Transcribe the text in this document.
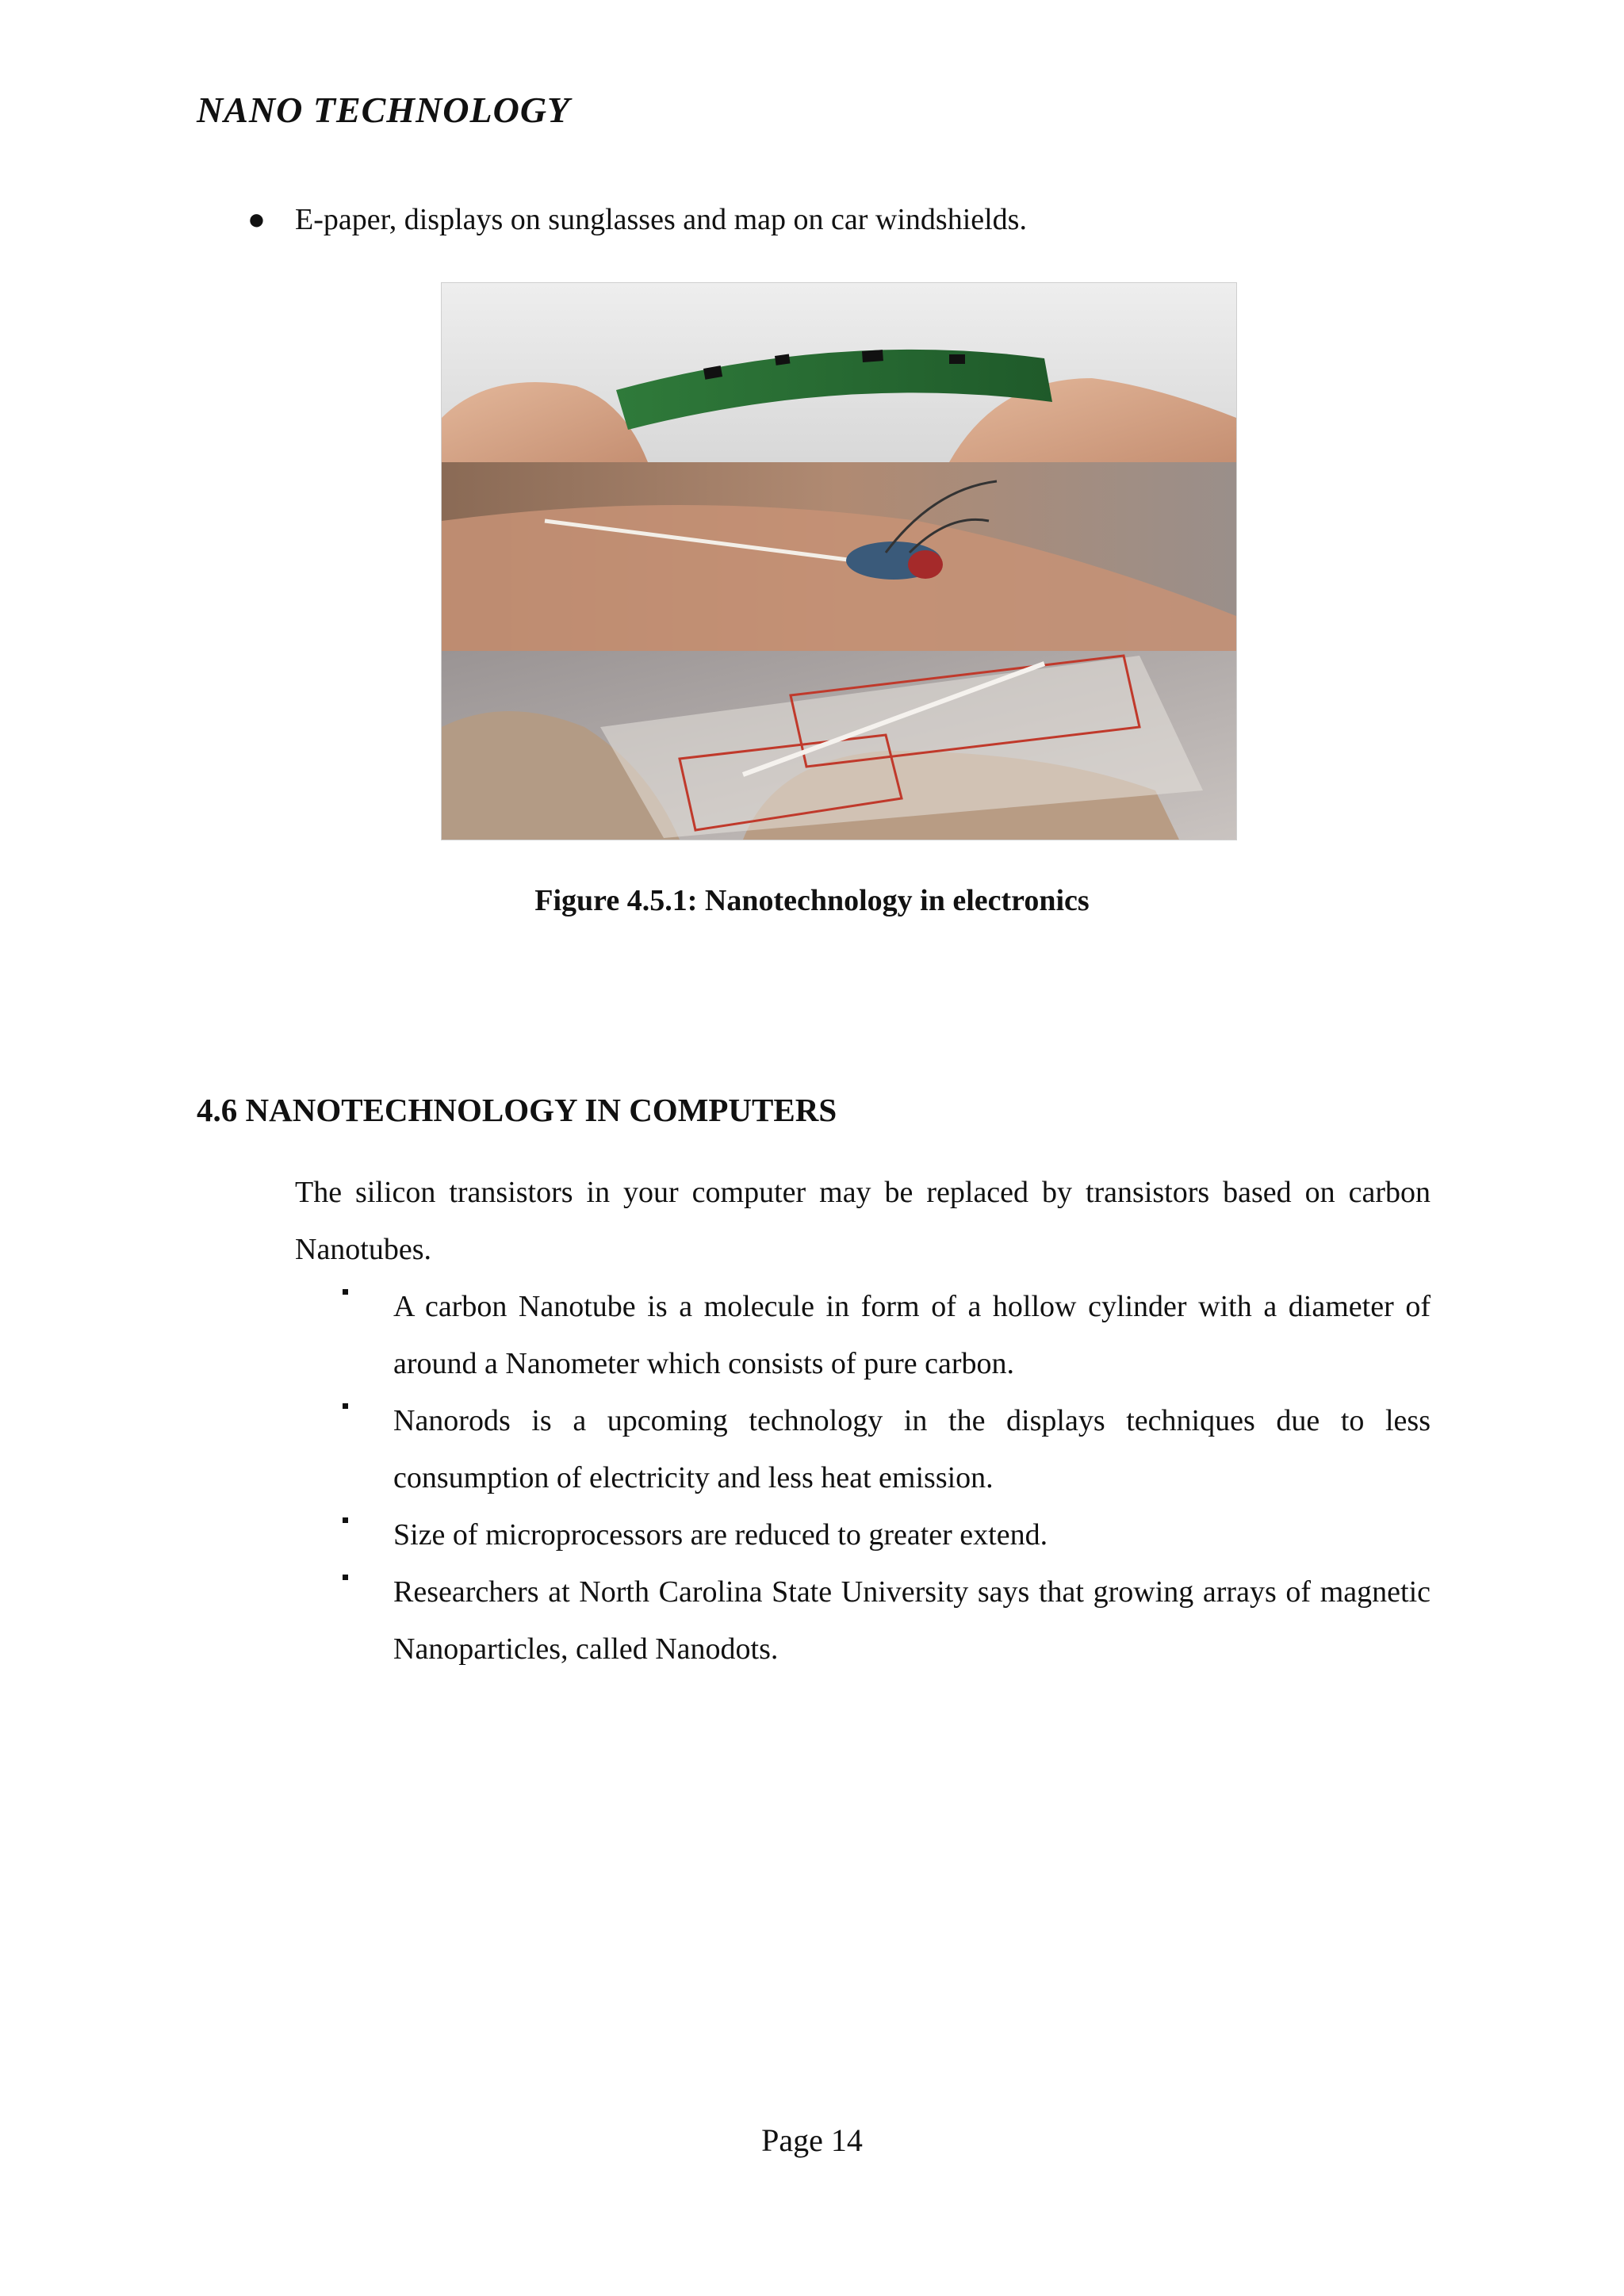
NANO TECHNOLOGY
● E-paper, displays on sunglasses and map on car windshields.
Figure 4.5.1: Nanotechnology in electronics
4.6 NANOTECHNOLOGY IN COMPUTERS
The silicon transistors in your computer may be replaced by transistors based on carbon Nanotubes.
A carbon Nanotube is a molecule in form of a hollow cylinder with a diameter of around a Nanometer which consists of pure carbon.
Nanorods is a upcoming technology in the displays techniques due to less consumption of electricity and less heat emission.
Size of microprocessors are reduced to greater extend.
Researchers at North Carolina State University says that growing arrays of magnetic Nanoparticles, called Nanodots.
Page 14
